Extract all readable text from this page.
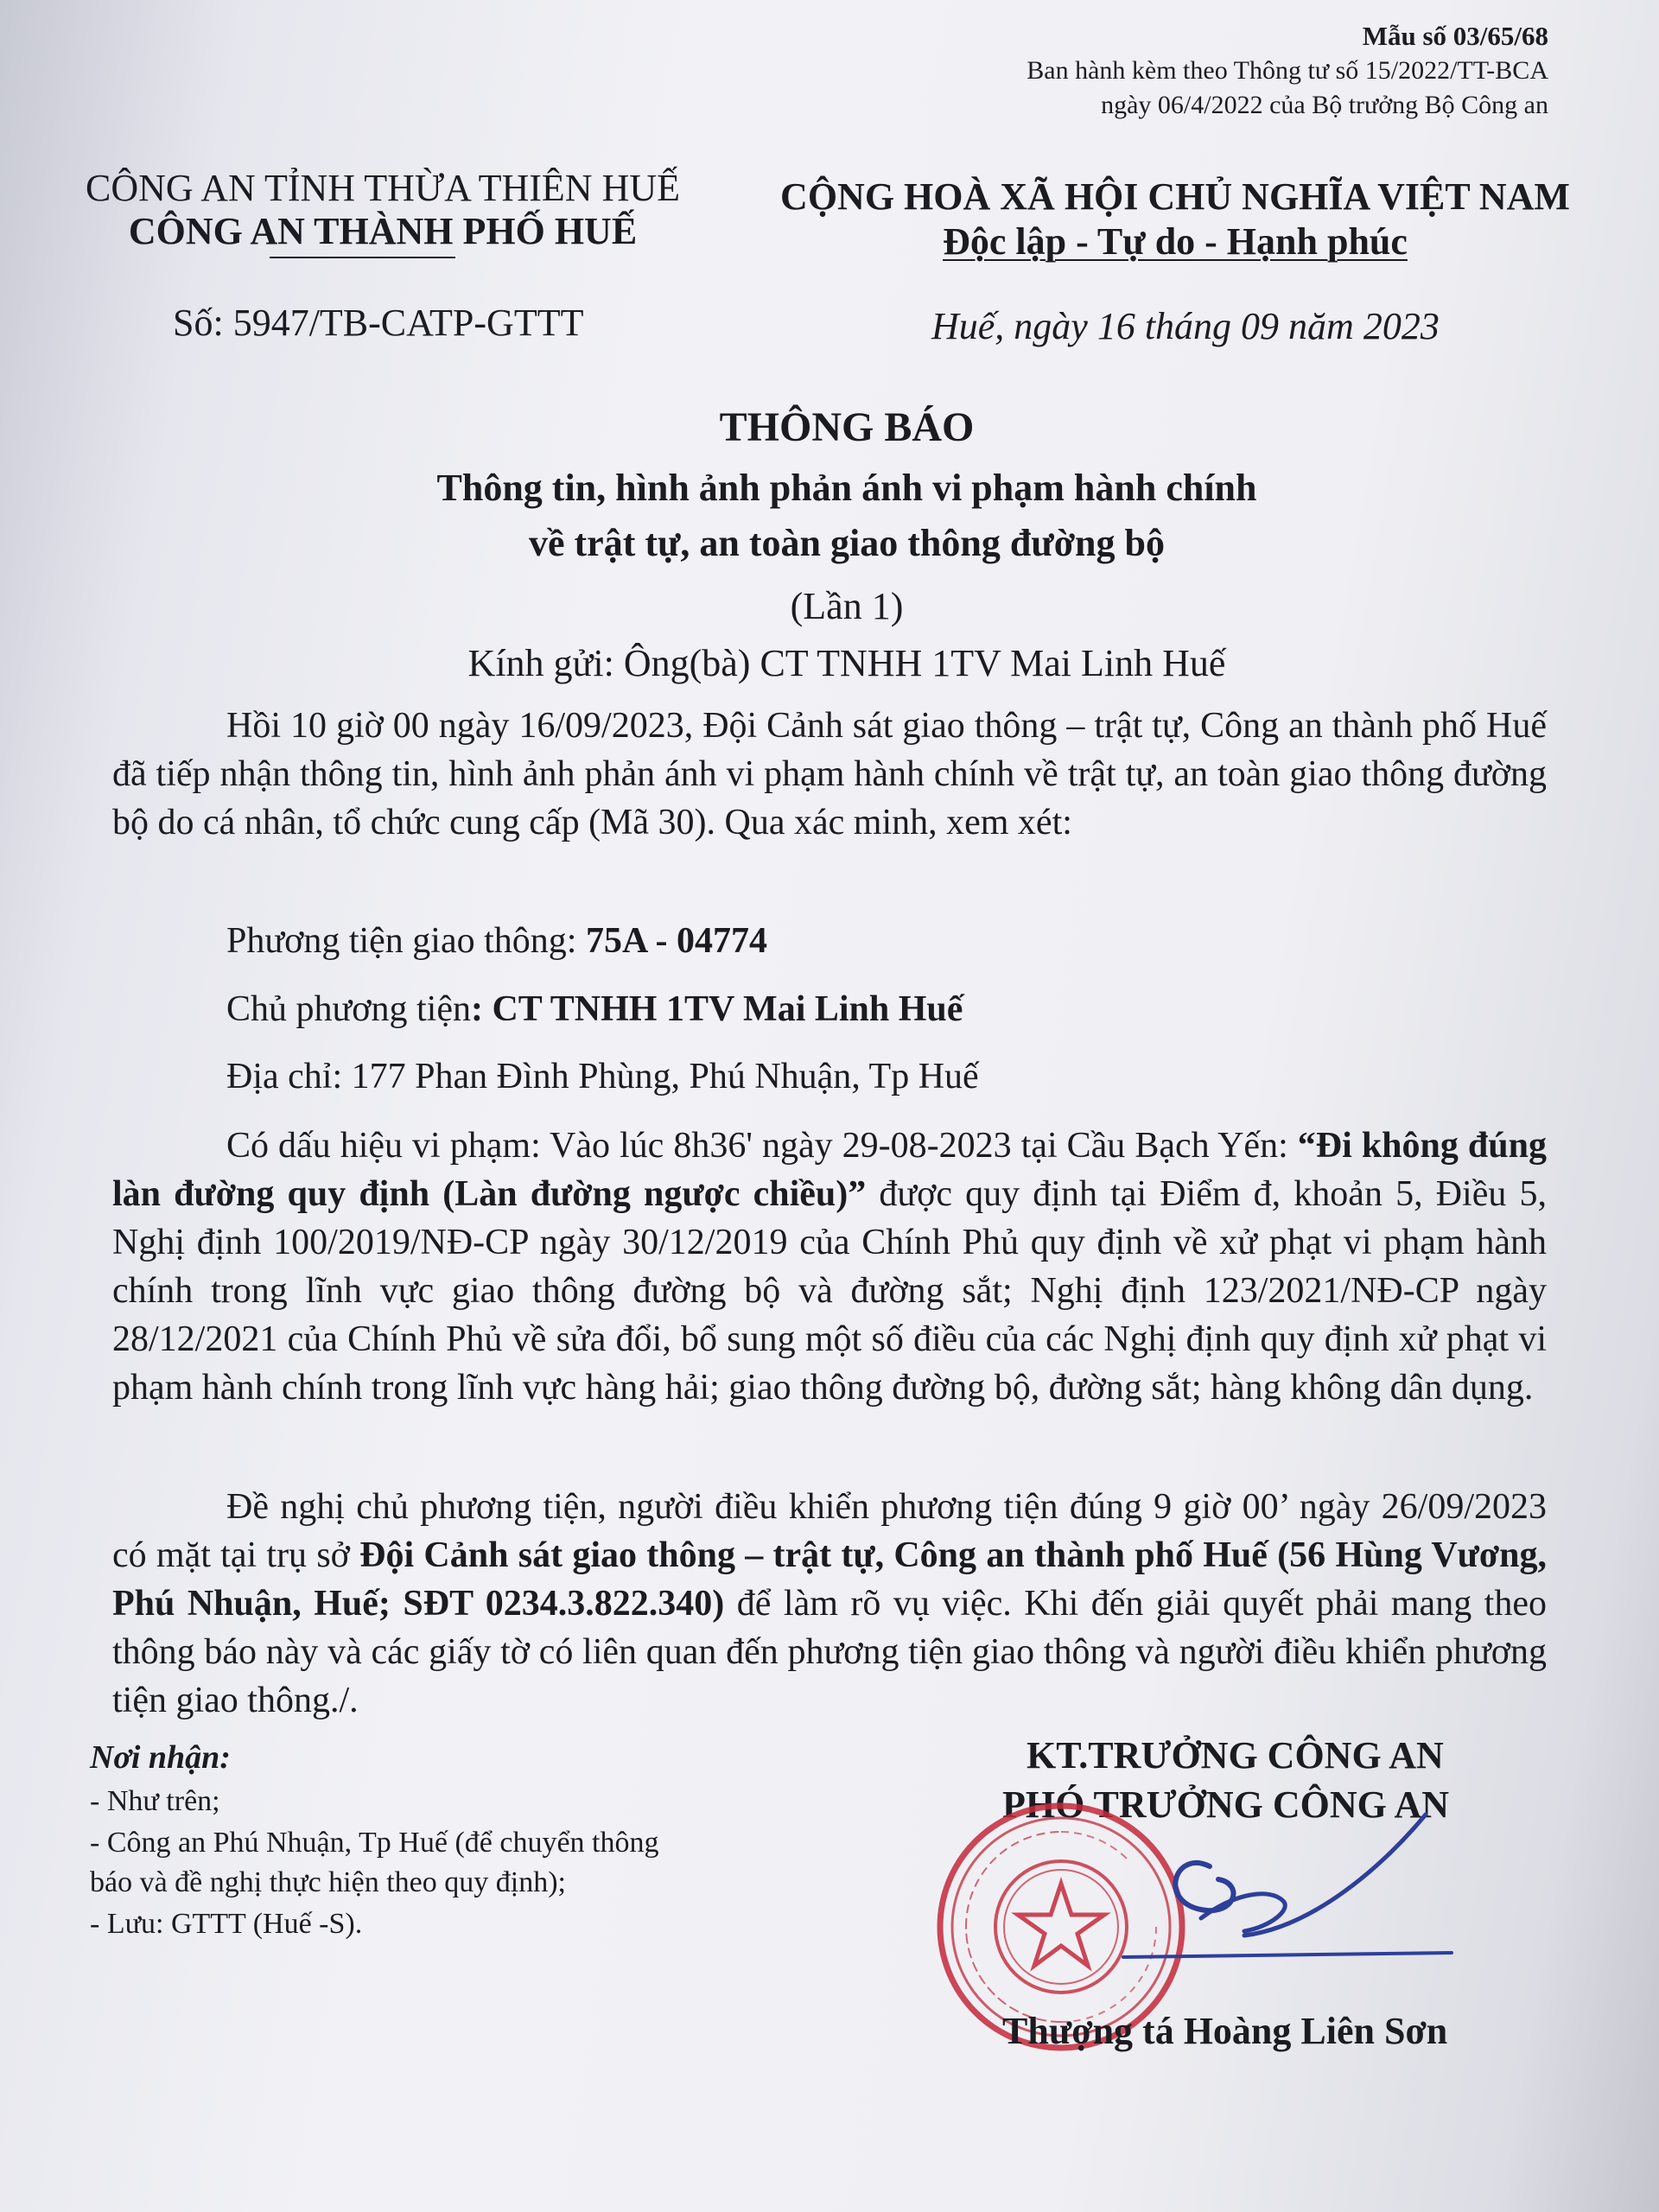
Mẫu số 03/65/68
Ban hành kèm theo Thông tư số 15/2022/TT-BCA
ngày 06/4/2022 của Bộ trưởng Bộ Công an
CÔNG AN TỈNH THỪA THIÊN HUẾ
CÔNG AN THÀNH PHỐ HUẾ
Số: 5947/TB-CATP-GTTT
CỘNG HOÀ XÃ HỘI CHỦ NGHĨA VIỆT NAM
Độc lập - Tự do - Hạnh phúc
Huế, ngày 16 tháng 09 năm 2023
THÔNG BÁO
Thông tin, hình ảnh phản ánh vi phạm hành chính
về trật tự, an toàn giao thông đường bộ
(Lần 1)
Kính gửi: Ông(bà) CT TNHH 1TV Mai Linh Huế
Hồi 10 giờ 00 ngày 16/09/2023, Đội Cảnh sát giao thông – trật tự, Công an thành phố Huế đã tiếp nhận thông tin, hình ảnh phản ánh vi phạm hành chính về trật tự, an toàn giao thông đường bộ do cá nhân, tổ chức cung cấp (Mã 30). Qua xác minh, xem xét:
Phương tiện giao thông: 75A - 04774
Chủ phương tiện: CT TNHH 1TV Mai Linh Huế
Địa chỉ: 177 Phan Đình Phùng, Phú Nhuận, Tp Huế
Có dấu hiệu vi phạm: Vào lúc 8h36' ngày 29-08-2023 tại Cầu Bạch Yến: “Đi không đúng làn đường quy định (Làn đường ngược chiều)” được quy định tại Điểm đ, khoản 5, Điều 5, Nghị định 100/2019/NĐ-CP ngày 30/12/2019 của Chính Phủ quy định về xử phạt vi phạm hành chính trong lĩnh vực giao thông đường bộ và đường sắt; Nghị định 123/2021/NĐ-CP ngày 28/12/2021 của Chính Phủ về sửa đổi, bổ sung một số điều của các Nghị định quy định xử phạt vi phạm hành chính trong lĩnh vực hàng hải; giao thông đường bộ, đường sắt; hàng không dân dụng.
Đề nghị chủ phương tiện, người điều khiển phương tiện đúng 9 giờ 00’ ngày 26/09/2023 có mặt tại trụ sở Đội Cảnh sát giao thông – trật tự, Công an thành phố Huế (56 Hùng Vương, Phú Nhuận, Huế; SĐT 0234.3.822.340) để làm rõ vụ việc. Khi đến giải quyết phải mang theo thông báo này và các giấy tờ có liên quan đến phương tiện giao thông và người điều khiển phương tiện giao thông./.
Nơi nhận:
- Như trên;
- Công an Phú Nhuận, Tp Huế (để chuyển thông
báo và đề nghị thực hiện theo quy định);
- Lưu: GTTT (Huế -S).
KT.TRƯỞNG CÔNG AN
PHÓ TRƯỞNG CÔNG AN
Thượng tá Hoàng Liên Sơn
